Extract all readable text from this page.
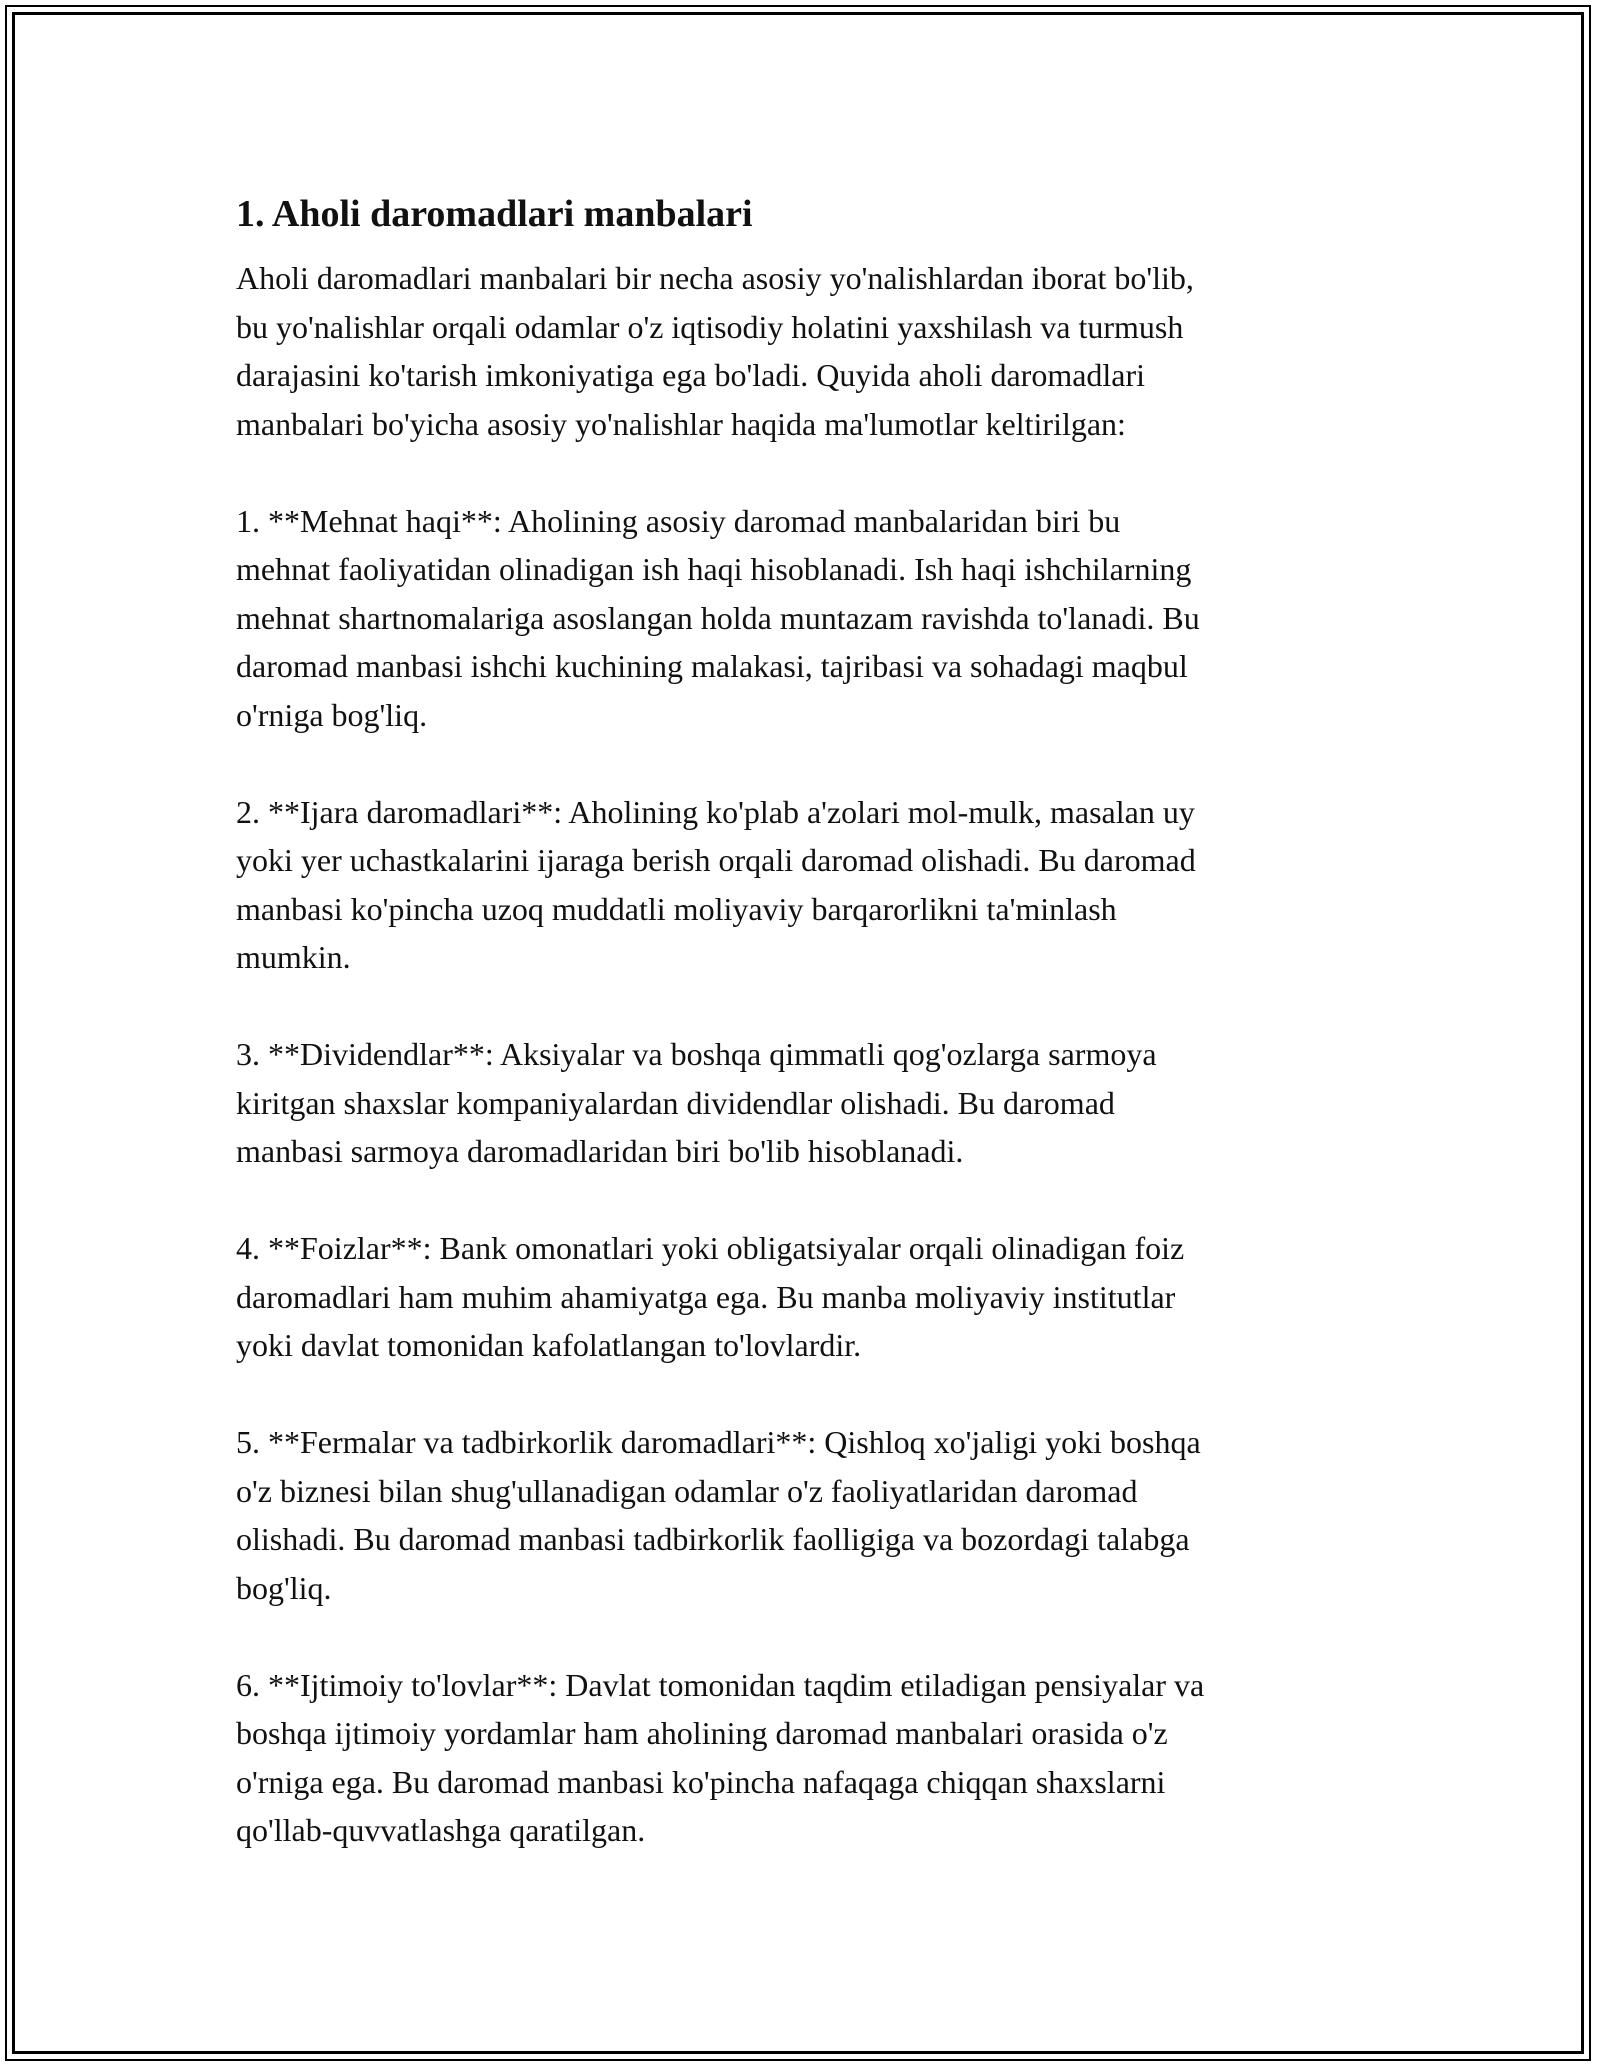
1. Aholi daromadlari manbalari

Aholi daromadlari manbalari bir necha asosiy yo'nalishlardan iborat bo'lib,
bu yo'nalishlar orqali odamlar o'z iqtisodiy holatini yaxshilash va turmush
darajasini ko'tarish imkoniyatiga ega bo'ladi. Quyida aholi daromadlari
manbalari bo'yicha asosiy yo'nalishlar haqida ma'lumotlar keltirilgan:

1. **Mehnat haqi**: Aholining asosiy daromad manbalaridan biri bu
mehnat faoliyatidan olinadigan ish haqi hisoblanadi. Ish haqi ishchilarning
mehnat shartnomalariga asoslangan holda muntazam ravishda to'lanadi. Bu
daromad manbasi ishchi kuchining malakasi, tajribasi va sohadagi maqbul
o'rniga bog'liq.

2. **Ijara daromadlari**: Aholining ko'plab a'zolari mol-mulk, masalan uy
yoki yer uchastkalarini ijaraga berish orqali daromad olishadi. Bu daromad
manbasi ko'pincha uzoq muddatli moliyaviy barqarorlikni ta'minlash
mumkin.

3. **Dividendlar**: Aksiyalar va boshqa qimmatli qog'ozlarga sarmoya
kiritgan shaxslar kompaniyalardan dividendlar olishadi. Bu daromad
manbasi sarmoya daromadlaridan biri bo'lib hisoblanadi.

4. **Foizlar**: Bank omonatlari yoki obligatsiyalar orqali olinadigan foiz
daromadlari ham muhim ahamiyatga ega. Bu manba moliyaviy institutlar
yoki davlat tomonidan kafolatlangan to'lovlardir.

5. **Fermalar va tadbirkorlik daromadlari**: Qishloq xo'jaligi yoki boshqa
o'z biznesi bilan shug'ullanadigan odamlar o'z faoliyatlaridan daromad
olishadi. Bu daromad manbasi tadbirkorlik faolligiga va bozordagi talabga
bog'liq.

6. **Ijtimoiy to'lovlar**: Davlat tomonidan taqdim etiladigan pensiyalar va
boshqa ijtimoiy yordamlar ham aholining daromad manbalari orasida o'z
o'rniga ega. Bu daromad manbasi ko'pincha nafaqaga chiqqan shaxslarni
qo'llab-quvvatlashga qaratilgan.
